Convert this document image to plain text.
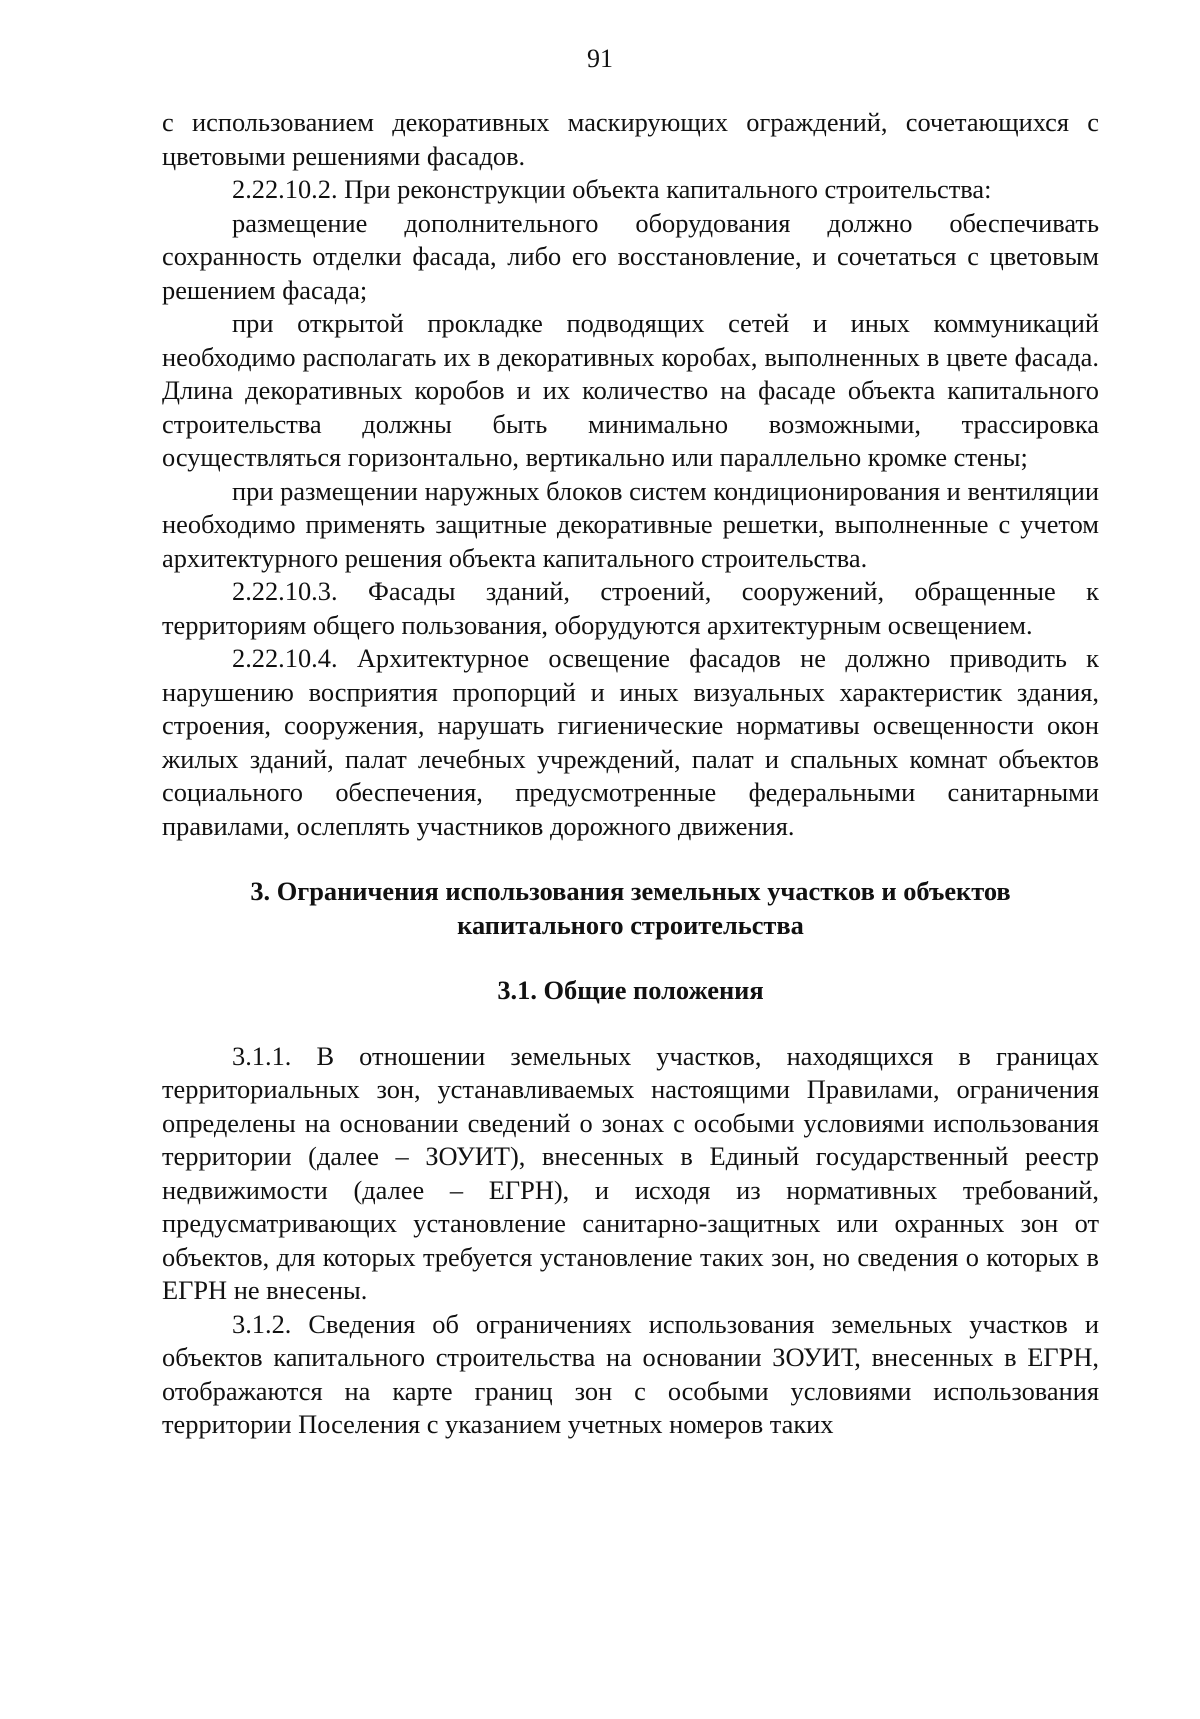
91

с использованием декоративных маскирующих ограждений, сочетающихся с цветовыми решениями фасадов.

2.22.10.2. При реконструкции объекта капитального строительства:

размещение дополнительного оборудования должно обеспечивать сохранность отделки фасада, либо его восстановление, и сочетаться с цветовым решением фасада;

при открытой прокладке подводящих сетей и иных коммуникаций необходимо располагать их в декоративных коробах, выполненных в цвете фасада. Длина декоративных коробов и их количество на фасаде объекта капитального строительства должны быть минимально возможными, трассировка осуществляться горизонтально, вертикально или параллельно кромке стены;

при размещении наружных блоков систем кондиционирования и вентиляции необходимо применять защитные декоративные решетки, выполненные с учетом архитектурного решения объекта капитального строительства.

2.22.10.3. Фасады зданий, строений, сооружений, обращенные к территориям общего пользования, оборудуются архитектурным освещением.

2.22.10.4. Архитектурное освещение фасадов не должно приводить к нарушению восприятия пропорций и иных визуальных характеристик здания, строения, сооружения, нарушать гигиенические нормативы освещенности окон жилых зданий, палат лечебных учреждений, палат и спальных комнат объектов социального обеспечения, предусмотренные федеральными санитарными правилами, ослеплять участников дорожного движения.

3. Ограничения использования земельных участков и объектов
капитального строительства
3.1. Общие положения

3.1.1. В отношении земельных участков, находящихся в границах территориальных зон, устанавливаемых настоящими Правилами, ограничения определены на основании сведений о зонах с особыми условиями использования территории (далее – ЗОУИТ), внесенных в Единый государственный реестр недвижимости (далее – ЕГРН), и исходя из нормативных требований, предусматривающих установление санитарно-защитных или охранных зон от объектов, для которых требуется установление таких зон, но сведения о которых в ЕГРН не внесены.

3.1.2. Сведения об ограничениях использования земельных участков и объектов капитального строительства на основании ЗОУИТ, внесенных в ЕГРН, отображаются на карте границ зон с особыми условиями использования территории Поселения с указанием учетных номеров таких
